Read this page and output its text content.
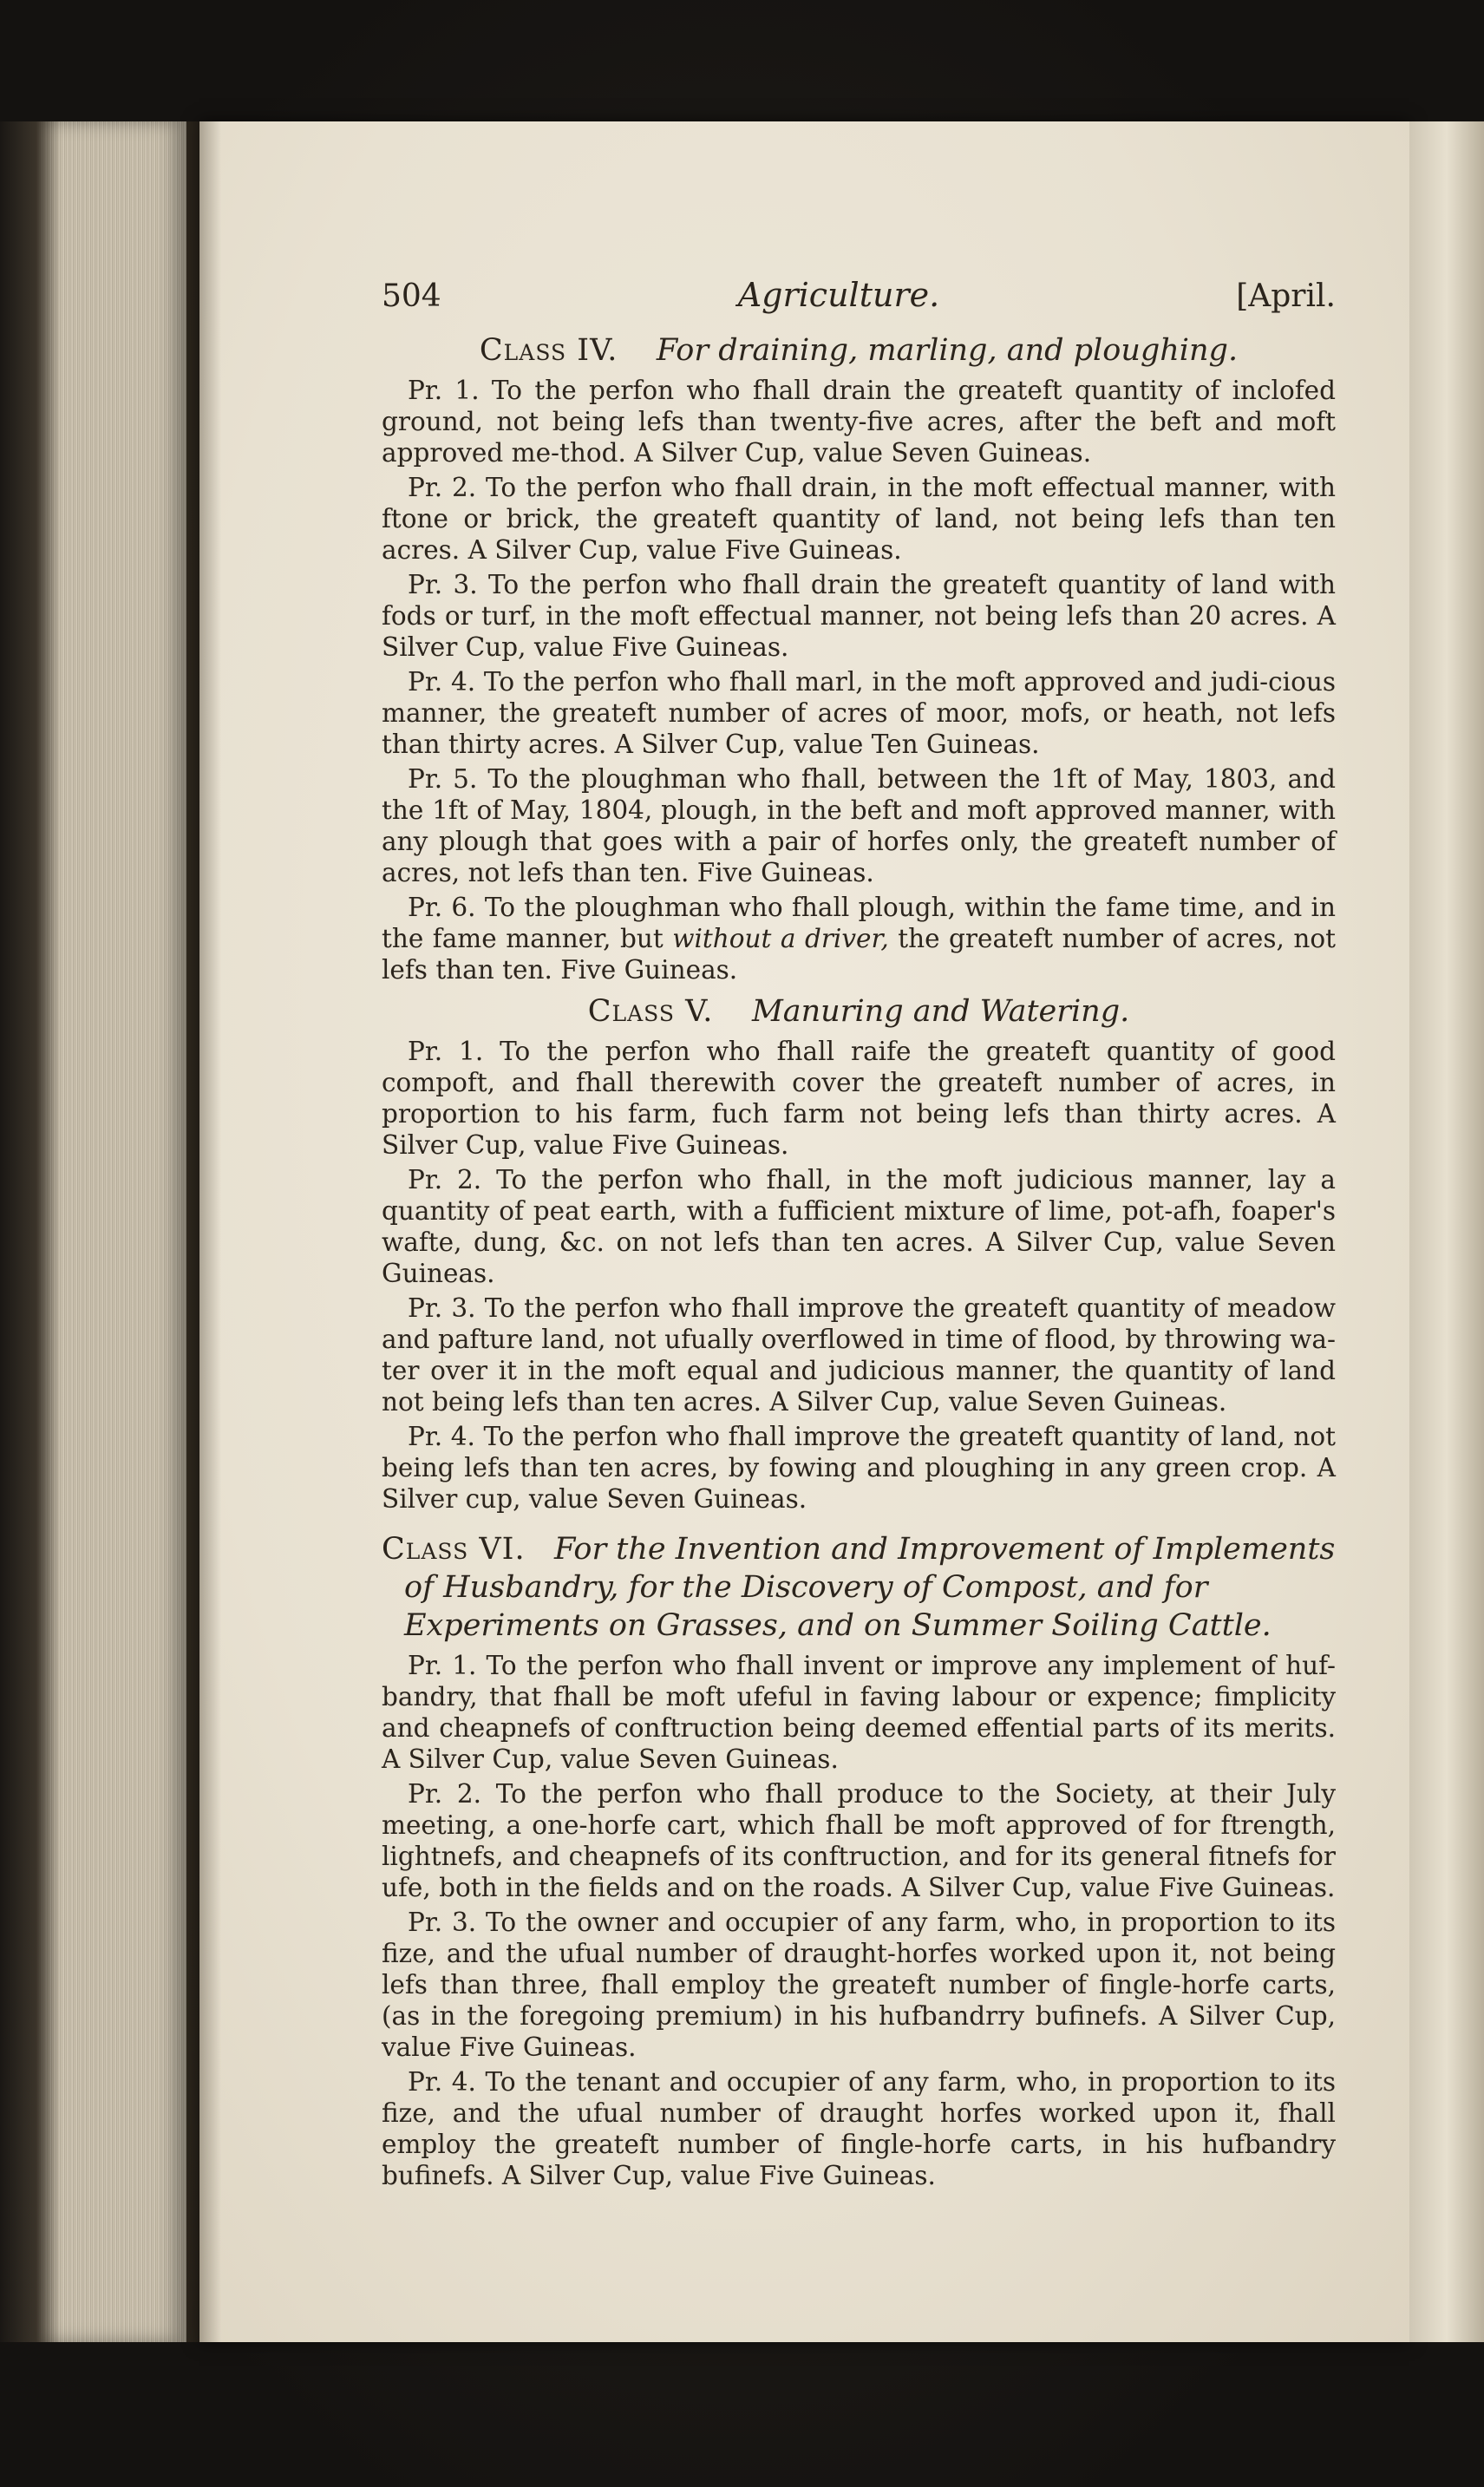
504	Agriculture.	[April.
Class IV. For draining, marling, and ploughing.

Pr. 1. To the perfon who fhall drain the greateft quantity of inclofed ground, not being lefs than twenty-five acres, after the beft and moft approved me-thod. A Silver Cup, value Seven Guineas.

Pr. 2. To the perfon who fhall drain, in the moft effectual manner, with ftone or brick, the greateft quantity of land, not being lefs than ten acres. A Silver Cup, value Five Guineas.

Pr. 3. To the perfon who fhall drain the greateft quantity of land with fods or turf, in the moft effectual manner, not being lefs than 20 acres. A Silver Cup, value Five Guineas.

Pr. 4. To the perfon who fhall marl, in the moft approved and judi-cious manner, the greateft number of acres of moor, mofs, or heath, not lefs than thirty acres. A Silver Cup, value Ten Guineas.

Pr. 5. To the ploughman who fhall, between the 1ft of May, 1803, and the 1ft of May, 1804, plough, in the beft and moft approved manner, with any plough that goes with a pair of horfes only, the greateft number of acres, not lefs than ten. Five Guineas.

Pr. 6. To the ploughman who fhall plough, within the fame time, and in the fame manner, but without a driver, the greateft number of acres, not lefs than ten. Five Guineas.

Class V. Manuring and Watering.

Pr. 1. To the perfon who fhall raife the greateft quantity of good compoft, and fhall therewith cover the greateft number of acres, in proportion to his farm, fuch farm not being lefs than thirty acres. A Silver Cup, value Five Guineas.

Pr. 2. To the perfon who fhall, in the moft judicious manner, lay a quantity of peat earth, with a fufficient mixture of lime, pot-afh, foaper's wafte, dung, &c. on not lefs than ten acres. A Silver Cup, value Seven Guineas.

Pr. 3. To the perfon who fhall improve the greateft quantity of meadow and pafture land, not ufually overflowed in time of flood, by throwing wa-ter over it in the moft equal and judicious manner, the quantity of land not being lefs than ten acres. A Silver Cup, value Seven Guineas.

Pr. 4. To the perfon who fhall improve the greateft quantity of land, not being lefs than ten acres, by fowing and ploughing in any green crop. A Silver cup, value Seven Guineas.

Class VI. For the Invention and Improvement of Implements
of Husbandry, for the Discovery of Compost, and for
Experiments on Grasses, and on Summer Soiling Cattle.

Pr. 1. To the perfon who fhall invent or improve any implement of huf-bandry, that fhall be moft ufeful in faving labour or expence; fimplicity and cheapnefs of conftruction being deemed effential parts of its merits. A Silver Cup, value Seven Guineas.

Pr. 2. To the perfon who fhall produce to the Society, at their July meeting, a one-horfe cart, which fhall be moft approved of for ftrength, lightnefs, and cheapnefs of its conftruction, and for its general fitnefs for ufe, both in the fields and on the roads. A Silver Cup, value Five Guineas.

Pr. 3. To the owner and occupier of any farm, who, in proportion to its fize, and the ufual number of draught-horfes worked upon it, not being lefs than three, fhall employ the greateft number of fingle-horfe carts, (as in the foregoing premium) in his hufbandrry bufinefs. A Silver Cup, value Five Guineas.

Pr. 4. To the tenant and occupier of any farm, who, in proportion to its fize, and the ufual number of draught horfes worked upon it, fhall employ the greateft number of fingle-horfe carts, in his hufbandry bufinefs. A Silver Cup, value Five Guineas.
